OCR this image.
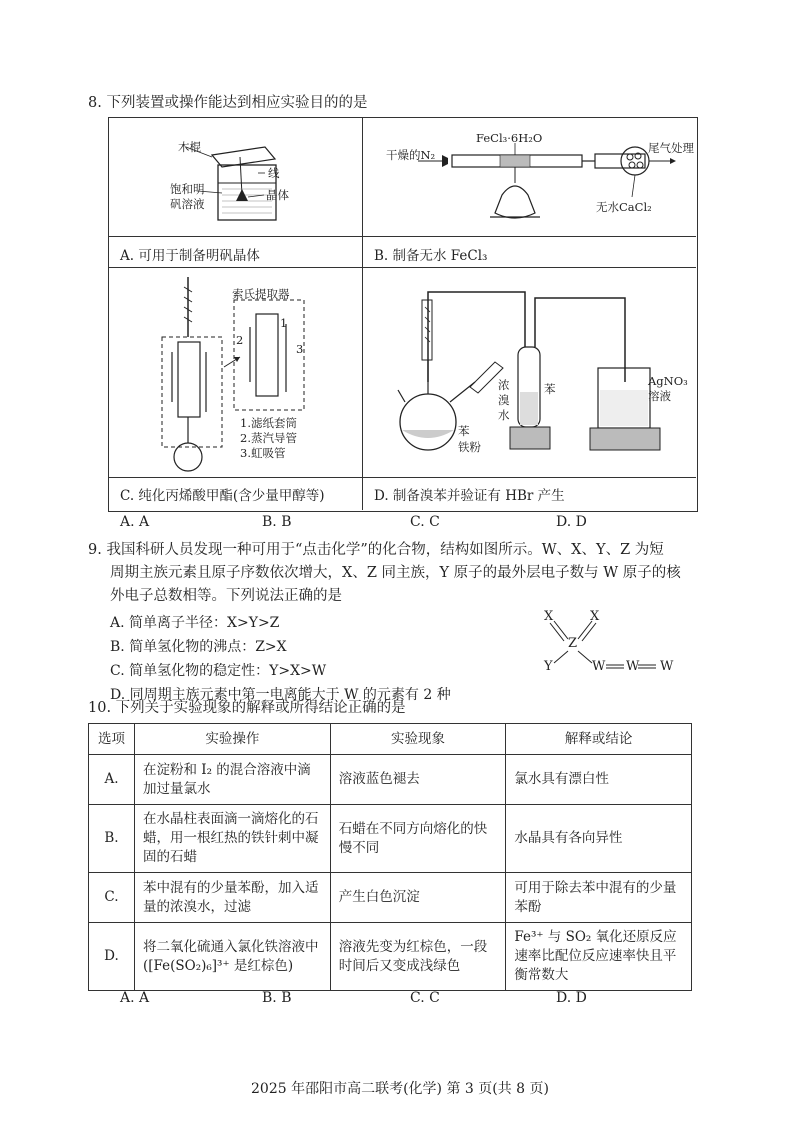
8. 下列装置或操作能达到相应实验目的的是
木棍
线
饱和明
矾溶液
晶体
A. 可用于制备明矾晶体
干燥的N₂
FeCl₃·6H₂O
尾气处理
无水CaCl₂
B. 制备无水 FeCl₃
索氏提取器
1
2
3
1.滤纸套筒
2.蒸汽导管
3.虹吸管
C. 纯化丙烯酸甲酯(含少量甲醇等)
浓
溴
水
苯
苯
铁粉
AgNO₃
溶液
D. 制备溴苯并验证有 HBr 产生
A. A	B. B	C. C	D. D
9. 我国科研人员发现一种可用于“点击化学”的化合物，结构如图所示。W、X、Y、Z 为短
周期主族元素且原子序数依次增大，X、Z 同主族，Y 原子的最外层电子数与 W 原子的核
外电子总数相等。下列说法正确的是
A. 简单离子半径：X>Y>Z
B. 简单氢化物的沸点：Z>X
C. 简单氢化物的稳定性：Y>X>W
D. 同周期主族元素中第一电离能大于 W 的元素有 2 种
X	X
Z
Y	W W W
10. 下列关于实验现象的解释或所得结论正确的是
选项	实验操作	实验现象	解释或结论
A.	在淀粉和 I₂ 的混合溶液中滴加过量氯水	溶液蓝色褪去	氯水具有漂白性
B.	在水晶柱表面滴一滴熔化的石蜡，用一根红热的铁针刺中凝固的石蜡	石蜡在不同方向熔化的快慢不同	水晶具有各向异性
C.	苯中混有的少量苯酚，加入适量的浓溴水，过滤	产生白色沉淀	可用于除去苯中混有的少量苯酚
D.	将二氧化硫通入氯化铁溶液中([Fe(SO₂)₆]³⁺ 是红棕色)	溶液先变为红棕色，一段时间后又变成浅绿色	Fe³⁺ 与 SO₂ 氧化还原反应速率比配位反应速率快且平衡常数大
A. A	B. B	C. C	D. D
2025 年邵阳市高二联考(化学) 第 3 页(共 8 页)
